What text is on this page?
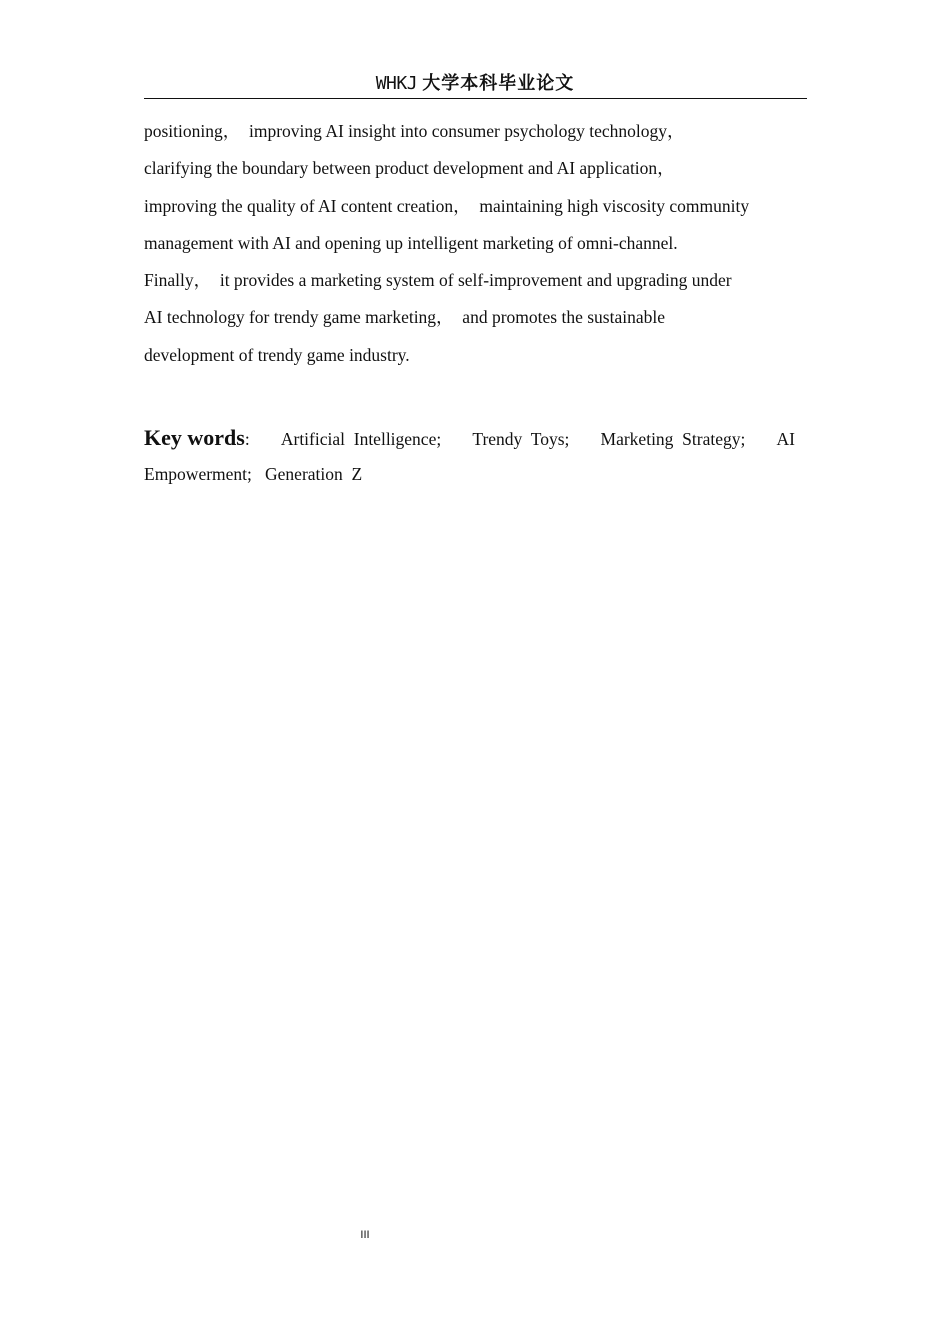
WHKJ 大学本科毕业论文
positioning，  improving AI insight into consumer psychology technology，
clarifying the boundary between product development and AI application，
improving the quality of AI content creation，  maintaining high viscosity community
management with AI and opening up intelligent marketing of omni-channel.
Finally，  it provides a marketing system of self-improvement and upgrading under
AI technology for trendy game marketing，  and promotes the sustainable
development of trendy game industry.
Key words: Artificial  Intelligence; Trendy  Toys; Marketing  Strategy; AI
Empowerment; Generation  Z
III
